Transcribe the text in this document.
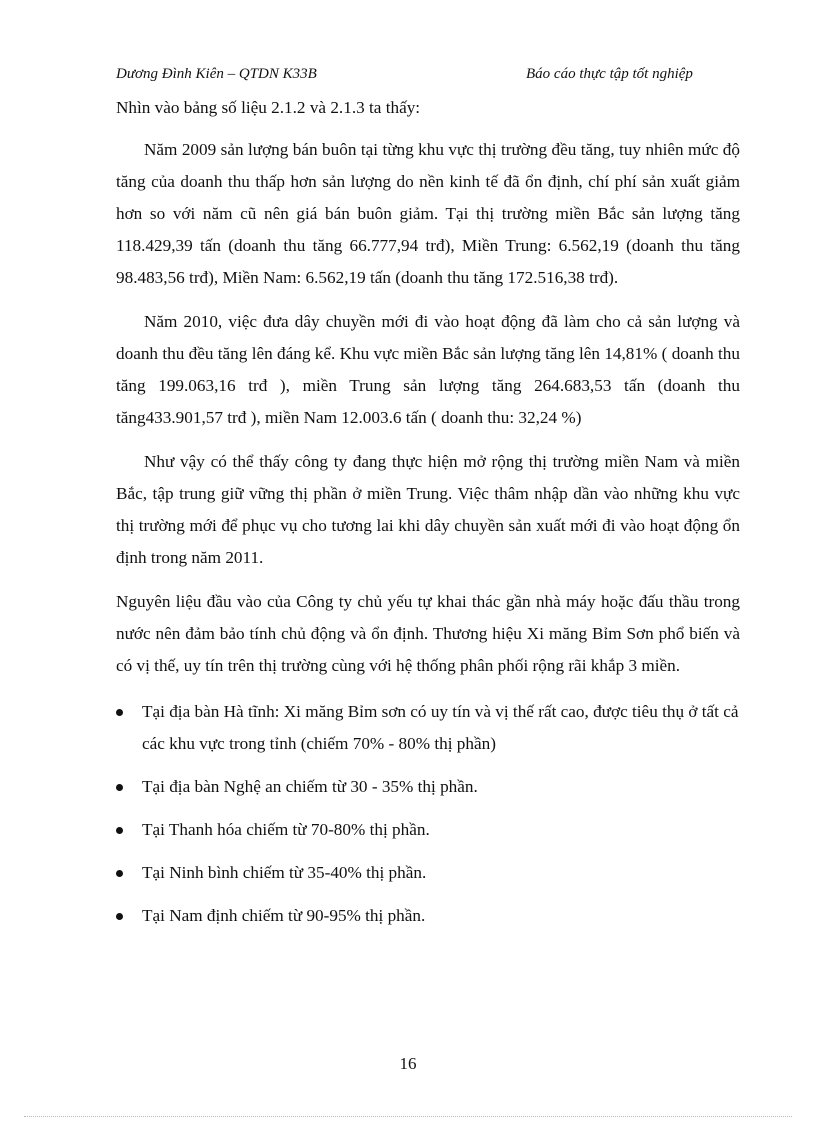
Dương Đình Kiên – QTDN K33B	Báo cáo thực tập tốt nghiệp

Nhìn vào bảng số liệu 2.1.2 và 2.1.3 ta thấy:

Năm 2009 sản lượng bán buôn tại từng khu vực thị trường đều tăng, tuy nhiên mức độ tăng của doanh thu thấp hơn sản lượng do nền kinh tế đã ổn định, chí phí sản xuất giảm hơn so với năm cũ nên giá bán buôn giảm. Tại thị trường miền Bắc sản lượng tăng 118.429,39 tấn (doanh thu tăng 66.777,94 trđ), Miền Trung: 6.562,19 (doanh thu tăng 98.483,56 trđ), Miền Nam: 6.562,19 tấn (doanh thu tăng 172.516,38 trđ).

Năm 2010, việc đưa dây chuyền mới đi vào hoạt động đã làm cho cả sản lượng và doanh thu đều tăng lên đáng kể. Khu vực miền Bắc sản lượng tăng lên 14,81% ( doanh thu tăng 199.063,16 trđ ), miền Trung sản lượng tăng 264.683,53 tấn (doanh thu tăng433.901,57 trđ ), miền Nam 12.003.6 tấn ( doanh thu: 32,24 %)

Như vậy có thể thấy công ty đang thực hiện mở rộng thị trường miền Nam và miền Bắc, tập trung giữ vững thị phần ở miền Trung. Việc thâm nhập dần vào những khu vực thị trường mới để phục vụ cho tương lai khi dây chuyền sản xuất mới đi vào hoạt động ổn định trong năm 2011.

Nguyên liệu đầu vào của Công ty chủ yếu tự khai thác gần nhà máy hoặc đấu thầu trong nước nên đảm bảo tính chủ động và ổn định. Thương hiệu Xi măng Bỉm Sơn phổ biến và có vị thế, uy tín trên thị trường cùng với hệ thống phân phối rộng rãi khắp 3 miền.

Tại địa bàn Hà tĩnh: Xi măng Bỉm sơn có uy tín và vị thế rất cao, được tiêu thụ ở tất cả các khu vực trong tỉnh (chiếm 70% - 80% thị phần)
Tại địa bàn Nghệ an chiếm từ 30 - 35% thị phần.
Tại Thanh hóa chiếm từ 70-80% thị phần.
Tại Ninh bình chiếm từ 35-40% thị phần.
Tại Nam định chiếm từ 90-95% thị phần.
16
